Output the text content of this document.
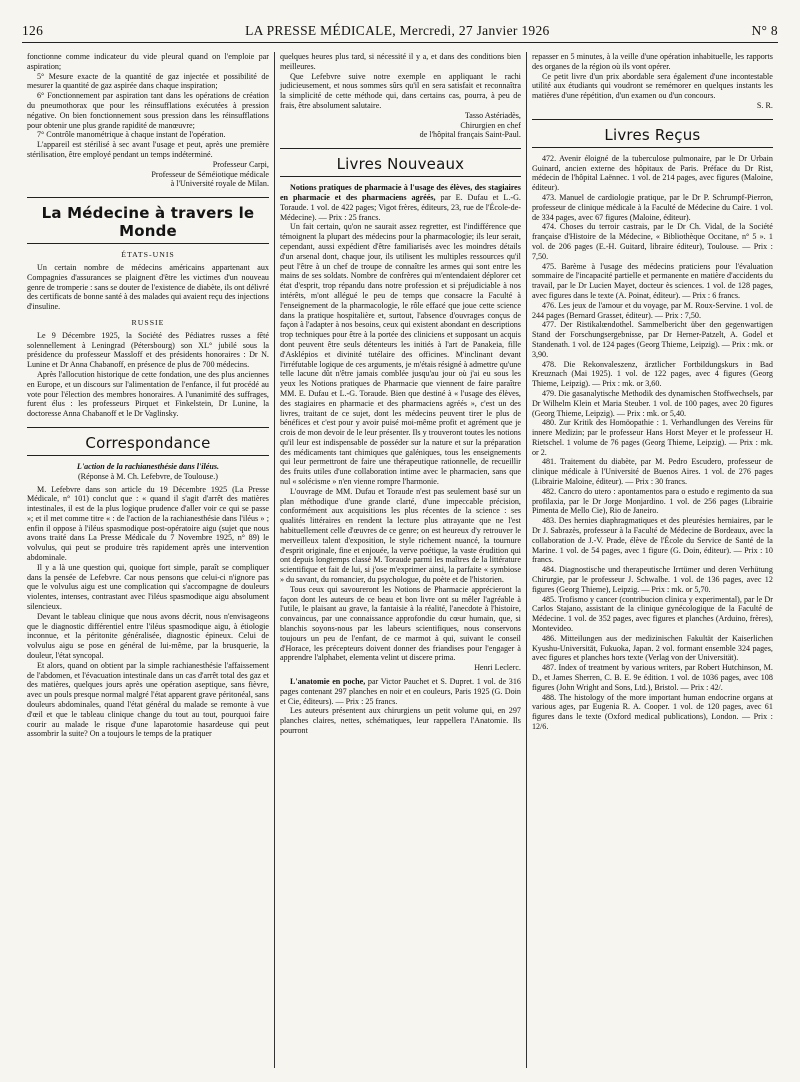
126	LA PRESSE MÉDICALE, Mercredi, 27 Janvier 1926	N° 8

fonctionne comme indicateur du vide pleural quand on l'emploie par aspiration;

5° Mesure exacte de la quantité de gaz injectée et possibilité de mesurer la quantité de gaz aspirée dans chaque inspiration;

6° Fonctionnement par aspiration tant dans les opérations de création du pneumothorax que pour les réinsufflations exécutées à pression négative. On bien fonctionnement sous pression dans les réinsufflations pour obtenir une plus grande rapidité de manœuvre;

7° Contrôle manométrique à chaque instant de l'opération.

L'appareil est stérilisé à sec avant l'usage et peut, après une première stérilisation, être employé pendant un temps indéterminé.

Professeur Carpi,

Professeur de Séméiotique médicale

à l'Université royale de Milan.

La Médecine à travers le Monde
ÉTATS-UNIS

Un certain nombre de médecins américains appartenant aux Compagnies d'assurances se plaignent d'être les victimes d'un nouveau genre de tromperie : sans se douter de l'existence de diabète, ils ont délivré des certificats de bonne santé à des malades qui avaient reçu des injections d'insuline.

RUSSIE

Le 9 Décembre 1925, la Société des Pédiatres russes a fêté solennellement à Leningrad (Pétersbourg) son XL° jubilé sous la présidence du professeur Massloff et des présidents honoraires : Dr N. Lunine et Dr Anna Chabanoff, en présence de plus de 700 médecins.

Après l'allocution historique de cette fondation, une des plus anciennes en Europe, et un discours sur l'alimentation de l'enfance, il fut procédé au vote pour l'élection des membres honoraires. A l'unanimité des suffrages, furent élus : les professeurs Pirquet et Finkelstein, Dr Lunine, la doctoresse Anna Chabanoff et le Dr Vaglinsky.

Correspondance

L'action de la rachianesthésie dans l'iléus.

(Réponse à M. Ch. Lefebvre, de Toulouse.)

M. Lefebvre dans son article du 19 Décembre 1925 (La Presse Médicale, n° 101) conclut que : « quand il s'agit d'arrêt des matières intestinales, il est de la plus logique prudence d'aller voir ce qui se passe »; et il met comme titre « : de l'action de la rachianesthésie dans l'iléus » ; enfin il oppose à l'iléus spasmodique post-opératoire aigu (sujet que nous avons traité dans La Presse Médicale du 7 Novembre 1925, n° 89) le volvulus, qui peut se produire très rapidement après une intervention abdominale.

Il y a là une question qui, quoique fort simple, paraît se compliquer dans la pensée de Lefebvre. Car nous pensons que celui-ci n'ignore pas que le volvulus aigu est une complication qui s'accompagne de douleurs violentes, intenses, contrastant avec l'iléus spasmodique aigu absolument silencieux.

Devant le tableau clinique que nous avons décrit, nous n'envisageons que le diagnostic différentiel entre l'iléus spasmodique aigu, à étiologie inconnue, et la péritonite généralisée, diagnostic épineux. Celui de volvulus aigu se pose en général de lui-même, par la brusquerie, la douleur, l'état syncopal.

Et alors, quand on obtient par la simple rachianesthésie l'affaissement de l'abdomen, et l'évacuation intestinale dans un cas d'arrêt total des gaz et des matières, quelques jours après une opération aseptique, sans fièvre, avec un pouls presque normal malgré l'état apparent grave péritonéal, sans douleurs abdominales, quand l'état général du malade se remonte à vue d'œil et que le tableau clinique change du tout au tout, pourquoi faire courir au malade le risque d'une laparotomie hasardeuse qui peut assombrir la suite? On a toujours le temps de la pratiquer

quelques heures plus tard, si nécessité il y a, et dans des conditions bien meilleures.

Que Lefebvre suive notre exemple en appliquant le rachi judicieusement, et nous sommes sûrs qu'il en sera satisfait et reconnaîtra la simplicité de cette méthode qui, dans certains cas, pourra, à peu de frais, être absolument salutaire.

Tasso Astériadès,

Chirurgien en chef

de l'hôpital français Saint-Paul.

Livres Nouveaux

Notions pratiques de pharmacie à l'usage des élèves, des stagiaires en pharmacie et des pharmaciens agréés, par E. Dufau et L.-G. Toraude. 1 vol. de 422 pages; Vigot frères, éditeurs, 23, rue de l'École-de-Médecine). — Prix : 25 francs.

Un fait certain, qu'on ne saurait assez regretter, est l'indifférence que témoignent la plupart des médecins pour la pharmacologie; ils leur serait, cependant, aussi expédient d'être familiarisés avec les moindres détails d'un arsenal dont, chaque jour, ils utilisent les multiples ressources qu'il peut l'être à un chef de troupe de connaître les armes qui sont entre les mains de ses soldats. Nombre de confrères qui m'entendaient déplorer cet état d'esprit, trop répandu dans notre profession et si préjudiciable à nos intérêts, m'ont allégué le peu de temps que consacre la Faculté à l'enseignement de la pharmacologie, le rôle effacé que joue cette science dans la pratique hospitalière et, surtout, l'absence d'ouvrages conçus de façon à l'adapter à nos besoins, ceux qui existent abondant en descriptions trop techniques pour être à la portée des cliniciens et supposant un acquis dont peuvent être seuls détenteurs les initiés à l'art de Panakeia, fille d'Asklépios et divinité tutélaire des officines. M'inclinant devant l'irréfutable logique de ces arguments, je m'étais résigné à admettre qu'une telle lacune dût n'être jamais comblée jusqu'au jour où j'ai eu sous les yeux les Notions pratiques de Pharmacie que viennent de faire paraître MM. E. Dufau et L.-G. Toraude. Bien que destiné à « l'usage des élèves, des stagiaires en pharmacie et des pharmaciens agréés », c'est un des livres, traitant de ce sujet, dont les médecins peuvent tirer le plus de bénéfices et c'est pour y avoir puisé moi-même profit et agrément que je crois de mon devoir de le leur présenter. Ils y trouveront toutes les notions qu'il leur est indispensable de posséder sur la nature et sur la préparation des médicaments tant chimiques que galéniques, tous les enseignements qui leur permettront de faire une thérapeutique rationnelle, de recueillir des fruits utiles d'une collaboration intime avec le pharmacien, sans que nul « solécisme » n'en vienne rompre l'harmonie.

L'ouvrage de MM. Dufau et Toraude n'est pas seulement basé sur un plan méthodique d'une grande clarté, d'une impeccable précision, conformément aux acquisitions les plus récentes de la science : ses qualités littéraires en rendent la lecture plus attrayante que ne l'est habituellement celle d'œuvres de ce genre; on est heureux d'y retrouver le merveilleux talent d'exposition, le style richement nuancé, la tournure d'esprit originale, fine et enjouée, la verve poétique, la vaste érudition qui ont depuis longtemps classé M. Toraude parmi les maîtres de la littérature scientifique et fait de lui, si j'ose m'exprimer ainsi, la parfaite « symbiose » du savant, du romancier, du psychologue, du poète et de l'historien.

Tous ceux qui savoureront les Notions de Pharmacie apprécieront la façon dont les auteurs de ce beau et bon livre ont su mêler l'agréable à l'utile, le plaisant au grave, la fantaisie à la réalité, l'anecdote à l'histoire, convaincus, par une connaissance approfondie du cœur humain, que, si blanchis soyons-nous par les labeurs scientifiques, nous conservons toujours un peu de l'enfant, de ce marmot à qui, suivant le conseil d'Horace, les précepteurs doivent donner des friandises pour l'engager à apprendre l'alphabet, elementa velint ut discere prima.

Henri Leclerc.

L'anatomie en poche, par Victor Pauchet et S. Dupret. 1 vol. de 316 pages contenant 297 planches en noir et en couleurs, Paris 1925 (G. Doin et Cie, éditeurs). — Prix : 25 francs.

Les auteurs présentent aux chirurgiens un petit volume qui, en 297 planches claires, nettes, schématiques, leur rappellera l'Anatomie. Ils pourront

repasser en 5 minutes, à la veille d'une opération inhabituelle, les rapports des organes de la région où ils vont opérer.

Ce petit livre d'un prix abordable sera également d'une incontestable utilité aux étudiants qui voudront se remémorer en quelques instants les matières d'une répétition, d'un examen ou d'un concours.

S. R.

Livres Reçus

472. Avenir éloigné de la tuberculose pulmonaire, par le Dr Urbain Guinard, ancien externe des hôpitaux de Paris. Préface du Dr Rist, médecin de l'hôpital Laënnec. 1 vol. de 214 pages, avec figures (Maloine, éditeur).

473. Manuel de cardiologie pratique, par le Dr P. Schrumpf-Pierron, professeur de clinique médicale à la Faculté de Médecine du Caire. 1 vol. de 334 pages, avec 67 figures (Maloine, éditeur).

474. Choses du terroir castrais, par le Dr Ch. Vidal, de la Société française d'Histoire de la Médecine, « Bibliothèque Occitane, n° 5 ». 1 vol. de 206 pages (E.-H. Guitard, libraire éditeur), Toulouse. — Prix : 7,50.

475. Barème à l'usage des médecins praticiens pour l'évaluation sommaire de l'incapacité partielle et permanente en matière d'accidents du travail, par le Dr Lucien Mayet, docteur ès sciences. 1 vol. de 128 pages, avec figures dans le texte (A. Poinat, éditeur). — Prix : 6 francs.

476. Les jeux de l'amour et du voyage, par M. Roux-Servine. 1 vol. de 244 pages (Bernard Grasset, éditeur). — Prix : 7,50.

477. Der Ristikalœndothel. Sammelbericht über den gegenwartigen Stand der Forschungsergebnisse, par Dr Herner-Patzelt, A. Godel et Standenath. 1 vol. de 124 pages (Georg Thieme, Leipzig). — Prix : mk. or 3,90.

478. Die Rekonvaleszenz, ärztlicher Fortbildungskurs in Bad Kreuznach (Mai 1925). 1 vol. de 122 pages, avec 4 figures (Georg Thieme, Leipzig). — Prix : mk. or 3,60.

479. Die gasanalytische Methodik des dynamischen Stoffwechsels, par Dr Wilhelm Klein et Maria Steuber. 1 vol. de 100 pages, avec 20 figures (Georg Thieme, Leipzig). — Prix : mk. or 5,40.

480. Zur Kritik des Homöopathie : 1. Verhandlungen des Vereins für innere Medizin; par le professeur Hans Horst Meyer et le professeur H. Rietschel. 1 volume de 76 pages (Georg Thieme, Leipzig). — Prix : mk. or 2.

481. Traitement du diabète, par M. Pedro Escudero, professeur de clinique médicale à l'Université de Buenos Aires. 1 vol. de 276 pages (Librairie Maloine, éditeur). — Prix : 30 francs.

482. Cancro do utero : apontamentos para o estudo e regimento da sua profilaxia, par le Dr Jorge Monjardino. 1 vol. de 256 pages (Librairie Pimenta de Mello Cie), Rio de Janeiro.

483. Des hernies diaphragmatiques et des pleurésies herniaires, par le Dr J. Sabrazès, professeur à la Faculté de Médecine de Bordeaux, avec la collaboration de J.-V. Prade, élève de l'École du Service de Santé de la Marine. 1 vol. de 54 pages, avec 1 figure (G. Doin, éditeur). — Prix : 10 francs.

484. Diagnostische und therapeutische Irrtümer und deren Verhütung Chirurgie, par le professeur J. Schwalbe. 1 vol. de 136 pages, avec 12 figures (Georg Thieme), Leipzig. — Prix : mk. or 5,70.

485. Trofismo y cancer (contribucion clinica y experimental), par le Dr Carlos Stajano, assistant de la clinique gynécologique de la Faculté de Médecine. 1 vol. de 352 pages, avec figures et planches (Arduino, frères), Montevideo.

486. Mitteilungen aus der medizinischen Fakultät der Kaiserlichen Kyushu-Universität, Fukuoka, Japan. 2 vol. formant ensemble 324 pages, avec figures et planches hors texte (Verlag von der Universität).

487. Index of treatment by various writers, par Robert Hutchinson, M. D., et James Sherren, C. B. E. 9e édition. 1 vol. de 1036 pages, avec 108 figures (John Wright and Sons, Ltd.), Bristol. — Prix : 42/.

488. The histology of the more important human endocrine organs at various ages, par Eugenia R. A. Cooper. 1 vol. de 120 pages, avec 61 figures dans le texte (Oxford medical publications), London. — Prix : 12/6.
